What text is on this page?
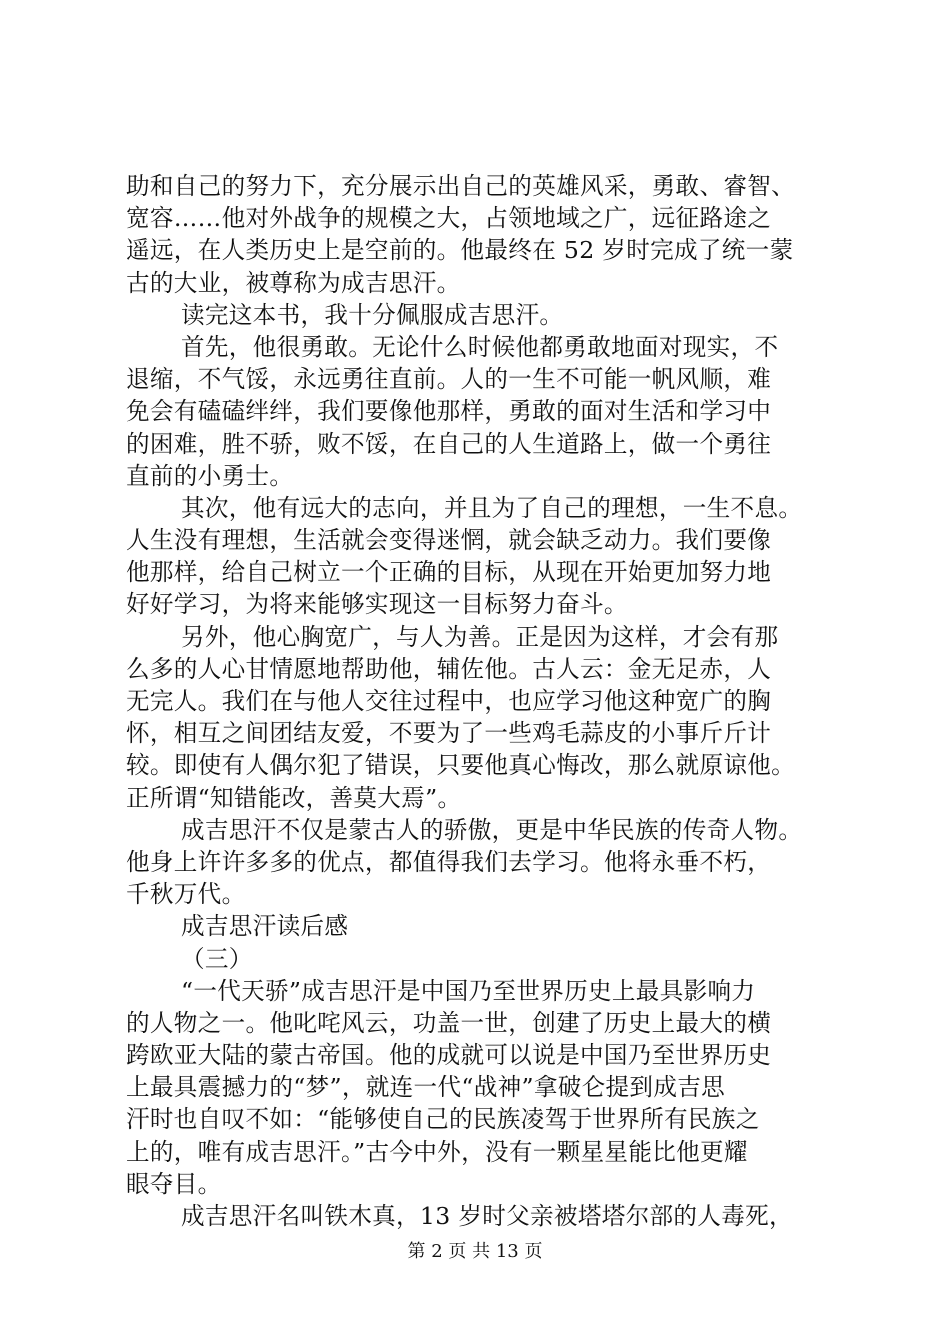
助和自己的努力下，充分展示出自己的英雄风采，勇敢、睿智、
宽容……他对外战争的规模之大，占领地域之广，远征路途之
遥远，在人类历史上是空前的。他最终在 52 岁时完成了统一蒙
古的大业，被尊称为成吉思汗。
读完这本书，我十分佩服成吉思汗。
首先，他很勇敢。无论什么时候他都勇敢地面对现实，不
退缩，不气馁，永远勇往直前。人的一生不可能一帆风顺，难
免会有磕磕绊绊，我们要像他那样，勇敢的面对生活和学习中
的困难，胜不骄，败不馁，在自己的人生道路上，做一个勇往
直前的小勇士。
其次，他有远大的志向，并且为了自己的理想，一生不息。
人生没有理想，生活就会变得迷惘，就会缺乏动力。我们要像
他那样，给自己树立一个正确的目标，从现在开始更加努力地
好好学习，为将来能够实现这一目标努力奋斗。
另外，他心胸宽广，与人为善。正是因为这样，才会有那
么多的人心甘情愿地帮助他，辅佐他。古人云：金无足赤，人
无完人。我们在与他人交往过程中，也应学习他这种宽广的胸
怀，相互之间团结友爱，不要为了一些鸡毛蒜皮的小事斤斤计
较。即使有人偶尔犯了错误，只要他真心悔改，那么就原谅他。
正所谓“知错能改，善莫大焉”。
成吉思汗不仅是蒙古人的骄傲，更是中华民族的传奇人物。
他身上许许多多的优点，都值得我们去学习。他将永垂不朽，
千秋万代。
成吉思汗读后感
（三）
“一代天骄”成吉思汗是中国乃至世界历史上最具影响力
的人物之一。他叱咤风云，功盖一世，创建了历史上最大的横
跨欧亚大陆的蒙古帝国。他的成就可以说是中国乃至世界历史
上最具震撼力的“梦”，就连一代“战神”拿破仑提到成吉思
汗时也自叹不如：“能够使自己的民族凌驾于世界所有民族之
上的，唯有成吉思汗。”古今中外，没有一颗星星能比他更耀
眼夺目。
成吉思汗名叫铁木真，13 岁时父亲被塔塔尔部的人毒死，
第 2 页 共 13 页
